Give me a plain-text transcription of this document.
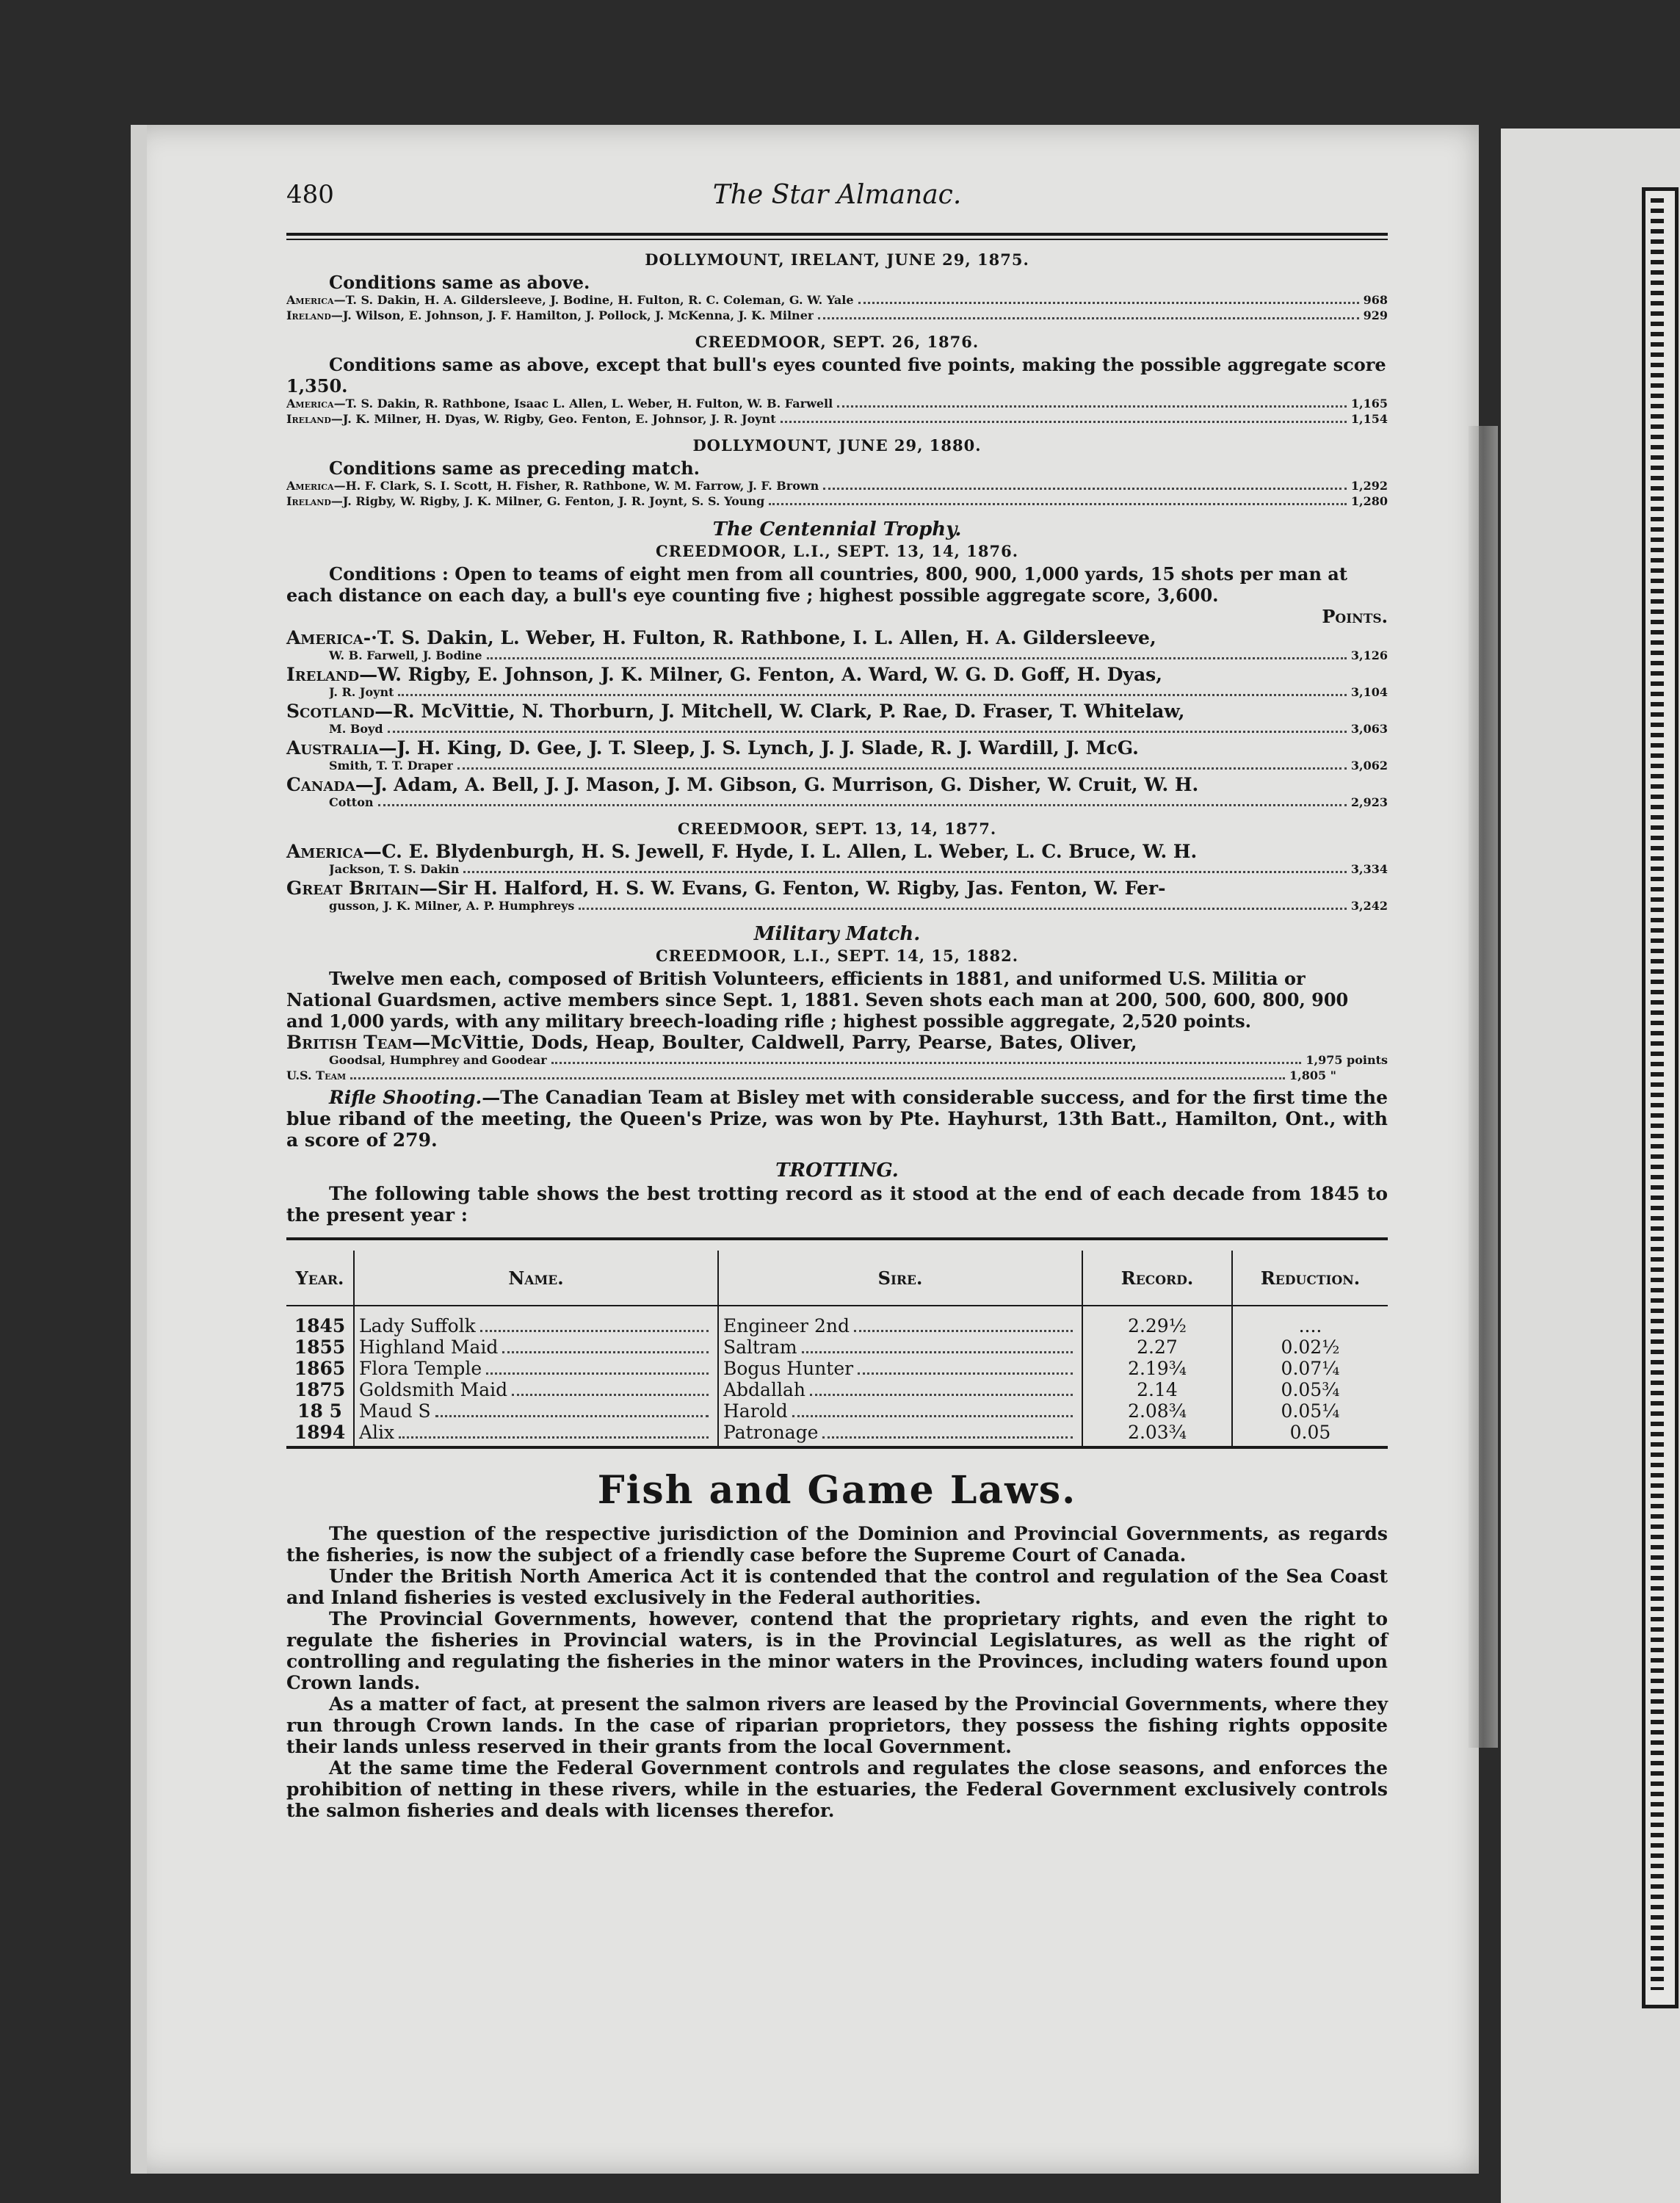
480	The Star Almanac.
DOLLYMOUNT, IRELANT, JUNE 29, 1875.

Conditions same as above.

America—T. S. Dakin, H. A. Gildersleeve, J. Bodine, H. Fulton, R. C. Coleman, G. W. Yale	968
Ireland—J. Wilson, E. Johnson, J. F. Hamilton, J. Pollock, J. McKenna, J. K. Milner	929
CREEDMOOR, SEPT. 26, 1876.

Conditions same as above, except that bull's eyes counted five points, making the possible aggregate score 1,350.

America—T. S. Dakin, R. Rathbone, Isaac L. Allen, L. Weber, H. Fulton, W. B. Farwell	1,165
Ireland—J. K. Milner, H. Dyas, W. Rigby, Geo. Fenton, E. Johnsor, J. R. Joynt	1,154
DOLLYMOUNT, JUNE 29, 1880.

Conditions same as preceding match.

America—H. F. Clark, S. I. Scott, H. Fisher, R. Rathbone, W. M. Farrow, J. F. Brown	1,292
Ireland—J. Rigby, W. Rigby, J. K. Milner, G. Fenton, J. R. Joynt, S. S. Young	1,280
The Centennial Trophy.
CREEDMOOR, L.I., SEPT. 13, 14, 1876.

Conditions : Open to teams of eight men from all countries, 800, 900, 1,000 yards, 15 shots per man at each distance on each day, a bull's eye counting five ; highest possible aggregate score, 3,600.

Points.

America-·T. S. Dakin, L. Weber, H. Fulton, R. Rathbone, I. L. Allen, H. A. Gildersleeve,

W. B. Farwell, J. Bodine	3,126

Ireland—W. Rigby, E. Johnson, J. K. Milner, G. Fenton, A. Ward, W. G. D. Goff, H. Dyas,

J. R. Joynt	3,104

Scotland—R. McVittie, N. Thorburn, J. Mitchell, W. Clark, P. Rae, D. Fraser, T. Whitelaw,

M. Boyd	3,063

Australia—J. H. King, D. Gee, J. T. Sleep, J. S. Lynch, J. J. Slade, R. J. Wardill, J. McG.

Smith, T. T. Draper	3,062

Canada—J. Adam, A. Bell, J. J. Mason, J. M. Gibson, G. Murrison, G. Disher, W. Cruit, W. H.

Cotton	2,923
CREEDMOOR, SEPT. 13, 14, 1877.

America—C. E. Blydenburgh, H. S. Jewell, F. Hyde, I. L. Allen, L. Weber, L. C. Bruce, W. H.

Jackson, T. S. Dakin	3,334

Great Britain—Sir H. Halford, H. S. W. Evans, G. Fenton, W. Rigby, Jas. Fenton, W. Fer-

gusson, J. K. Milner, A. P. Humphreys	3,242
Military Match.
CREEDMOOR, L.I., SEPT. 14, 15, 1882.

Twelve men each, composed of British Volunteers, efficients in 1881, and uniformed U.S. Militia or National Guardsmen, active members since Sept. 1, 1881. Seven shots each man at 200, 500, 600, 800, 900 and 1,000 yards, with any military breech-loading rifle ; highest possible aggregate, 2,520 points.

British Team—McVittie, Dods, Heap, Boulter, Caldwell, Parry, Pearse, Bates, Oliver,

Goodsal, Humphrey and Goodear	1,975 points
U.S. Team	1,805 "

Rifle Shooting.—The Canadian Team at Bisley met with considerable success, and for the first time the blue riband of the meeting, the Queen's Prize, was won by Pte. Hayhurst, 13th Batt., Hamilton, Ont., with a score of 279.

TROTTING.

The following table shows the best trotting record as it stood at the end of each decade from 1845 to the present year :

Year.	Name.	Sire.	Record.	Reduction.
1845	Lady Suffolk	Engineer 2nd	2.29½	....
1855	Highland Maid	Saltram	2.27	0.02½
1865	Flora Temple	Bogus Hunter	2.19¾	0.07¼
1875	Goldsmith Maid	Abdallah	2.14	0.05¾
18 5	Maud S	Harold	2.08¾	0.05¼
1894	Alix	Patronage	2.03¾	0.05
Fish and Game Laws.

The question of the respective jurisdiction of the Dominion and Provincial Governments, as regards the fisheries, is now the subject of a friendly case before the Supreme Court of Canada.

Under the British North America Act it is contended that the control and regulation of the Sea Coast and Inland fisheries is vested exclusively in the Federal authorities.

The Provincial Governments, however, contend that the proprietary rights, and even the right to regulate the fisheries in Provincial waters, is in the Provincial Legislatures, as well as the right of controlling and regulating the fisheries in the minor waters in the Provinces, including waters found upon Crown lands.

As a matter of fact, at present the salmon rivers are leased by the Provincial Governments, where they run through Crown lands. In the case of riparian proprietors, they possess the fishing rights opposite their lands unless reserved in their grants from the local Government.

At the same time the Federal Government controls and regulates the close seasons, and enforces the prohibition of netting in these rivers, while in the estuaries, the Federal Government exclusively controls the salmon fisheries and deals with licenses therefor.
